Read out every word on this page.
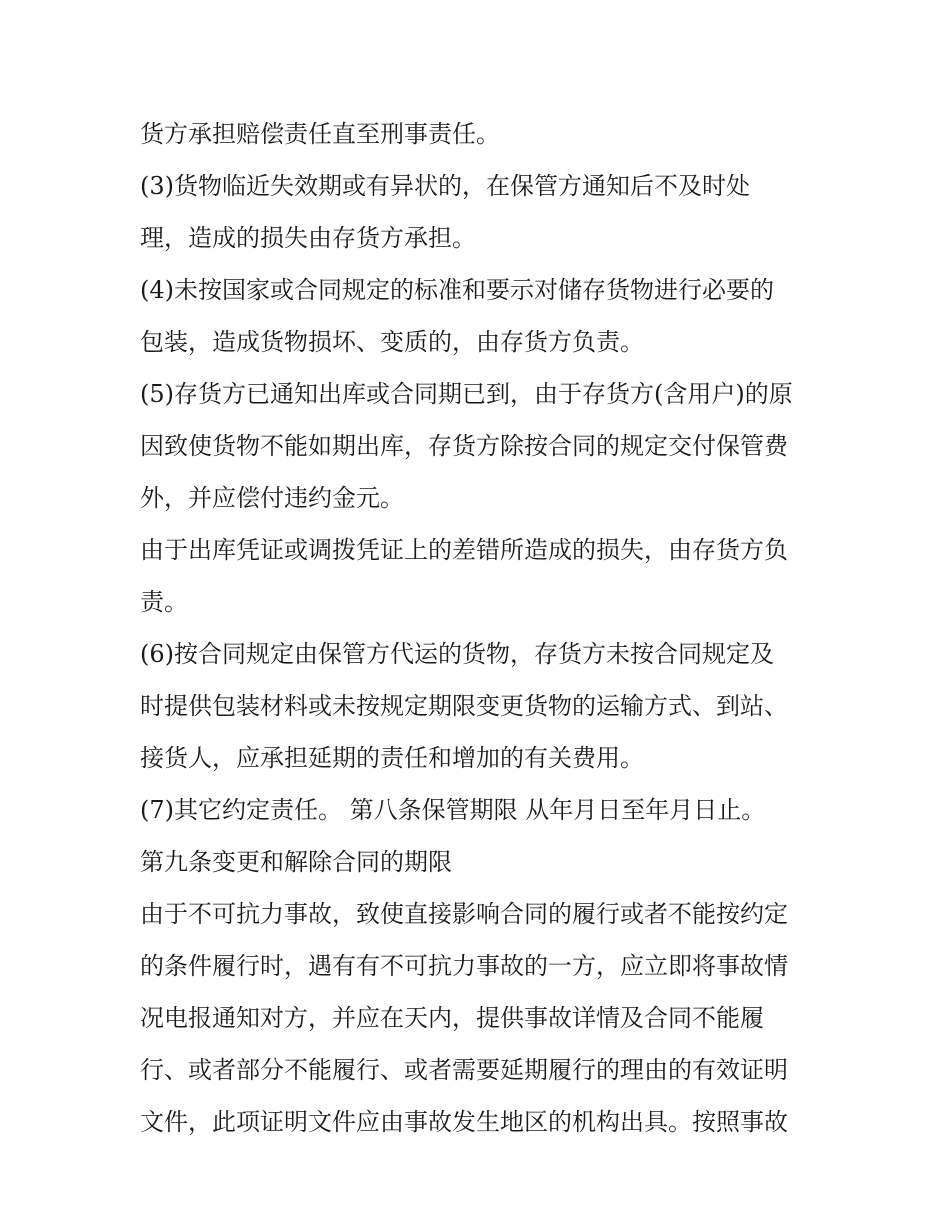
货方承担赔偿责任直至刑事责任。

(3)货物临近失效期或有异状的，在保管方通知后不及时处

理，造成的损失由存货方承担。

(4)未按国家或合同规定的标准和要示对储存货物进行必要的

包装，造成货物损坏、变质的，由存货方负责。

(5)存货方已通知出库或合同期已到，由于存货方(含用户)的原

因致使货物不能如期出库，存货方除按合同的规定交付保管费

外，并应偿付违约金元。

由于出库凭证或调拨凭证上的差错所造成的损失，由存货方负

责。

(6)按合同规定由保管方代运的货物，存货方未按合同规定及

时提供包装材料或未按规定期限变更货物的运输方式、到站、

接货人，应承担延期的责任和增加的有关费用。

(7)其它约定责任。 第八条保管期限 从年月日至年月日止。

第九条变更和解除合同的期限

由于不可抗力事故，致使直接影响合同的履行或者不能按约定

的条件履行时，遇有有不可抗力事故的一方，应立即将事故情

况电报通知对方，并应在天内，提供事故详情及合同不能履

行、或者部分不能履行、或者需要延期履行的理由的有效证明

文件，此项证明文件应由事故发生地区的机构出具。按照事故
